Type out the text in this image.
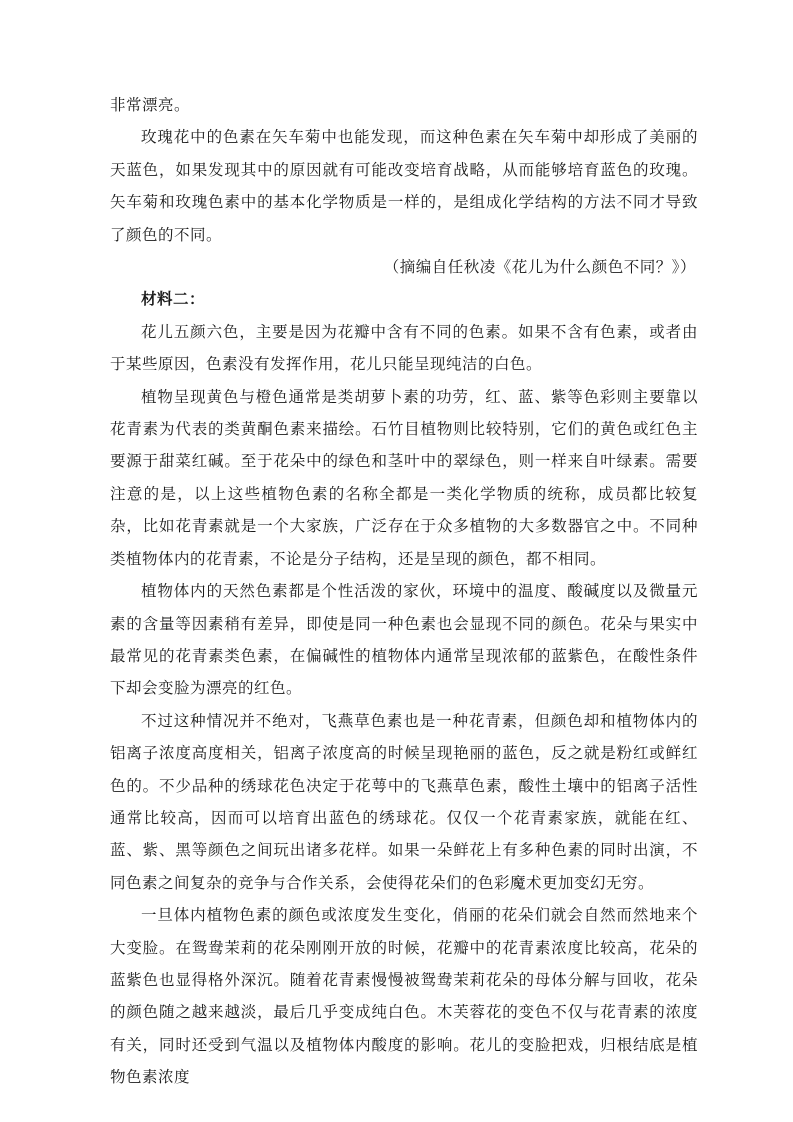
非常漂亮。

玫瑰花中的色素在矢车菊中也能发现，而这种色素在矢车菊中却形成了美丽的天蓝色，如果发现其中的原因就有可能改变培育战略，从而能够培育蓝色的玫瑰。矢车菊和玫瑰色素中的基本化学物质是一样的，是组成化学结构的方法不同才导致了颜色的不同。

（摘编自任秋凌《花儿为什么颜色不同？》）

材料二：

花儿五颜六色，主要是因为花瓣中含有不同的色素。如果不含有色素，或者由于某些原因，色素没有发挥作用，花儿只能呈现纯洁的白色。

植物呈现黄色与橙色通常是类胡萝卜素的功劳，红、蓝、紫等色彩则主要靠以花青素为代表的类黄酮色素来描绘。石竹目植物则比较特别，它们的黄色或红色主要源于甜菜红碱。至于花朵中的绿色和茎叶中的翠绿色，则一样来自叶绿素。需要注意的是，以上这些植物色素的名称全都是一类化学物质的统称，成员都比较复杂，比如花青素就是一个大家族，广泛存在于众多植物的大多数器官之中。不同种类植物体内的花青素，不论是分子结构，还是呈现的颜色，都不相同。

植物体内的天然色素都是个性活泼的家伙，环境中的温度、酸碱度以及微量元素的含量等因素稍有差异，即使是同一种色素也会显现不同的颜色。花朵与果实中最常见的花青素类色素，在偏碱性的植物体内通常呈现浓郁的蓝紫色，在酸性条件下却会变脸为漂亮的红色。

不过这种情况并不绝对，飞燕草色素也是一种花青素，但颜色却和植物体内的铝离子浓度高度相关，铝离子浓度高的时候呈现艳丽的蓝色，反之就是粉红或鲜红色的。不少品种的绣球花色决定于花萼中的飞燕草色素，酸性土壤中的铝离子活性通常比较高，因而可以培育出蓝色的绣球花。仅仅一个花青素家族，就能在红、蓝、紫、黑等颜色之间玩出诸多花样。如果一朵鲜花上有多种色素的同时出演，不同色素之间复杂的竞争与合作关系，会使得花朵们的色彩魔术更加变幻无穷。

一旦体内植物色素的颜色或浓度发生变化，俏丽的花朵们就会自然而然地来个大变脸。在鸳鸯茉莉的花朵刚刚开放的时候，花瓣中的花青素浓度比较高，花朵的蓝紫色也显得格外深沉。随着花青素慢慢被鸳鸯茉莉花朵的母体分解与回收，花朵的颜色随之越来越淡，最后几乎变成纯白色。木芙蓉花的变色不仅与花青素的浓度有关，同时还受到气温以及植物体内酸度的影响。花儿的变脸把戏，归根结底是植物色素浓度
